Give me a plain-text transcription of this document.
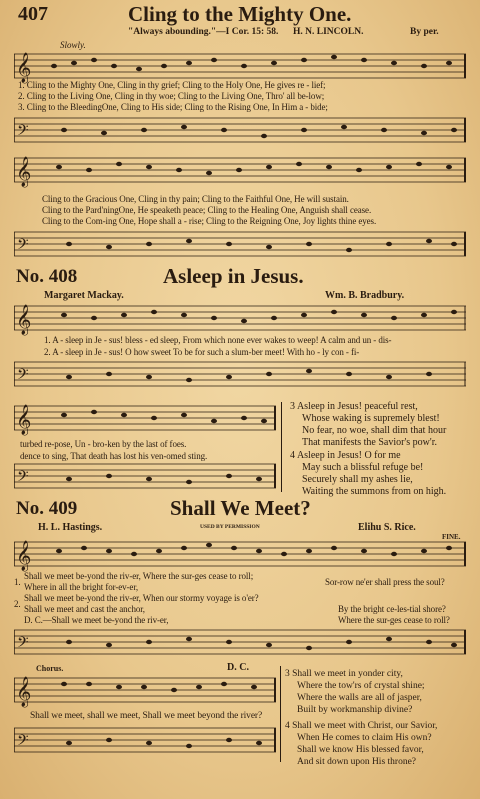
407	Cling to the Mighty One.
"Always abounding."—I Cor. 15: 58. H. N. LINCOLN.	By per.
Slowly.
𝄞
1. Cling to the Mighty One, Cling in thy grief; Cling to the Holy One, He gives re - lief;
2. Cling to the Living One, Cling in thy woe; Cling to the Living One, Thro' all be-low;
3. Cling to the BleedingOne, Cling to His side; Cling to the Rising One, In Him a - bide;
𝄢
𝄞
Cling to the Gracious One, Cling in thy pain; Cling to the Faithful One, He will sustain.
Cling to the Pard'ningOne, He speaketh peace; Cling to the Healing One, Anguish shall cease.
Cling to the Com-ing One, Hope shall a - rise; Cling to the Reigning One, Joy lights thine eyes.
𝄢
No. 408	Asleep in Jesus.
Margaret Mackay.	Wm. B. Bradbury.
𝄞
1. A - sleep in Je - sus! bless - ed sleep, From which none ever wakes to weep! A calm and un - dis-
2. A - sleep in Je - sus! O how sweet To be for such a slum-ber meet! With ho - ly con - fi-
𝄢
𝄞
turbed re-pose, Un - bro-ken by the last of foes.
dence to sing, That death has lost his ven-omed sting.
𝄢
3 Asleep in Jesus! peaceful rest,
Whose waking is supremely blest!
No fear, no woe, shall dim that hour
That manifests the Savior's pow'r.
4 Asleep in Jesus! O for me
May such a blissful refuge be!
Securely shall my ashes lie,
Waiting the summons from on high.
No. 409	Shall We Meet?
H. L. Hastings.	USED BY PERMISSION	Elihu S. Rice.
FINE.
𝄞
1.
Shall we meet be-yond the riv-er, Where the sur-ges cease to roll;
Where in all the bright for-ev-er,	Sor-row ne'er shall press the soul?
2.
Shall we meet be-yond the riv-er, When our stormy voyage is o'er?
Shall we meet and cast the anchor,	By the bright ce-les-tial shore?
D. C.—Shall we meet be-yond the riv-er,	Where the sur-ges cease to roll?
𝄢
Chorus.	D. C.
𝄞
Shall we meet, shall we meet, Shall we meet beyond the river?
𝄢
3 Shall we meet in yonder city,
Where the tow'rs of crystal shine;
Where the walls are all of jasper,
Built by workmanship divine?
4 Shall we meet with Christ, our Savior,
When He comes to claim His own?
Shall we know His blessed favor,
And sit down upon His throne?
